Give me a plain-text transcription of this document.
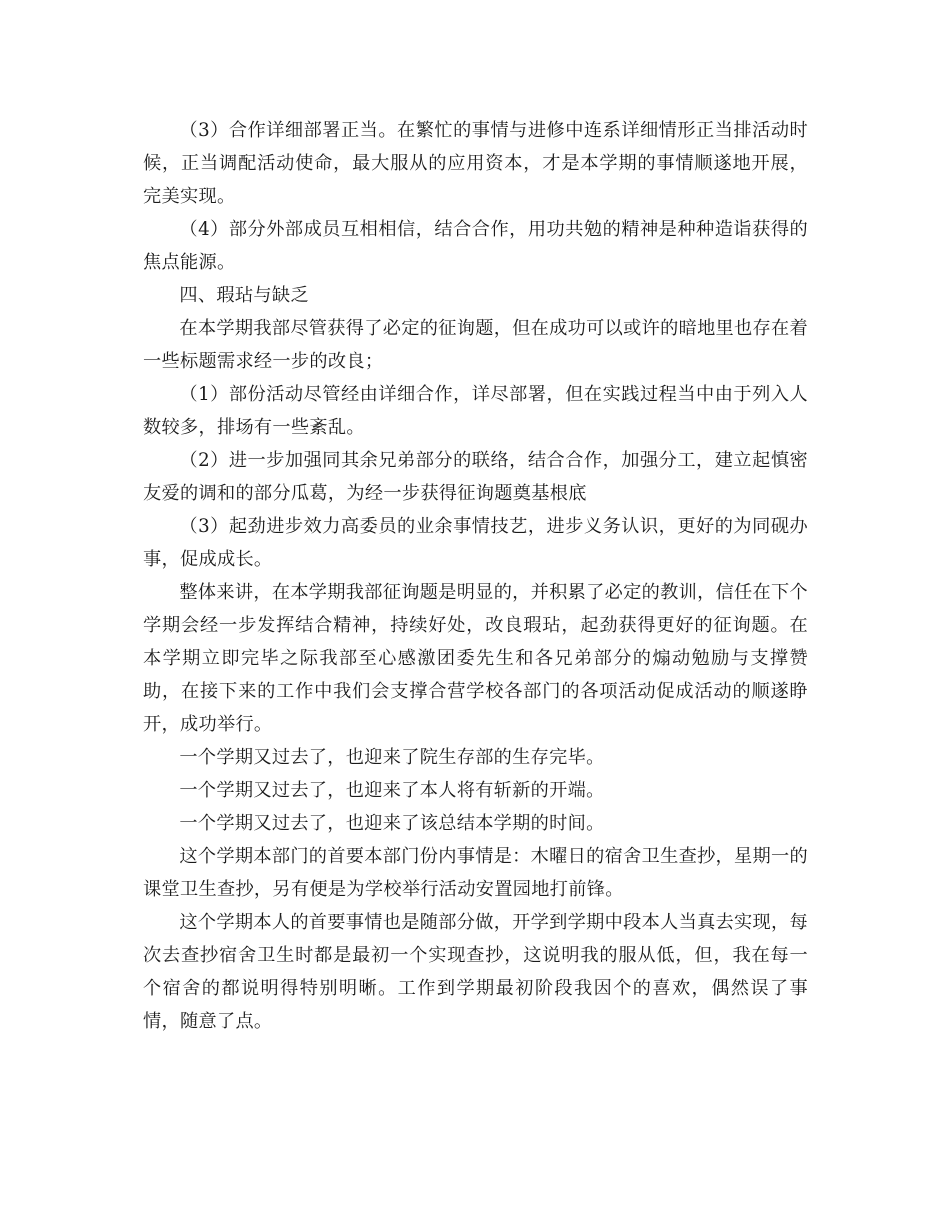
（3）合作详细部署正当。在繁忙的事情与进修中连系详细情形正当排活动时候，正当调配活动使命，最大服从的应用资本，才是本学期的事情顺遂地开展，完美实现。

（4）部分外部成员互相相信，结合合作，用功共勉的精神是种种造诣获得的焦点能源。

四、瑕玷与缺乏

在本学期我部尽管获得了必定的征询题，但在成功可以或许的暗地里也存在着一些标题需求经一步的改良；

（1）部份活动尽管经由详细合作，详尽部署，但在实践过程当中由于列入人数较多，排场有一些紊乱。

（2）进一步加强同其余兄弟部分的联络，结合合作，加强分工，建立起慎密友爱的调和的部分瓜葛，为经一步获得征询题奠基根底

（3）起劲进步效力高委员的业余事情技艺，进步义务认识，更好的为同砚办事，促成成长。

整体来讲，在本学期我部征询题是明显的，并积累了必定的教训，信任在下个学期会经一步发挥结合精神，持续好处，改良瑕玷，起劲获得更好的征询题。在本学期立即完毕之际我部至心感激团委先生和各兄弟部分的煽动勉励与支撑赞助，在接下来的工作中我们会支撑合营学校各部门的各项活动促成活动的顺遂睁开，成功举行。

一个学期又过去了，也迎来了院生存部的生存完毕。

一个学期又过去了，也迎来了本人将有斩新的开端。

一个学期又过去了，也迎来了该总结本学期的时间。

这个学期本部门的首要本部门份内事情是：木曜日的宿舍卫生查抄，星期一的课堂卫生查抄，另有便是为学校举行活动安置园地打前锋。

这个学期本人的首要事情也是随部分做，开学到学期中段本人当真去实现，每次去查抄宿舍卫生时都是最初一个实现查抄，这说明我的服从低，但，我在每一个宿舍的都说明得特别明晰。工作到学期最初阶段我因个的喜欢，偶然误了事情，随意了点。
